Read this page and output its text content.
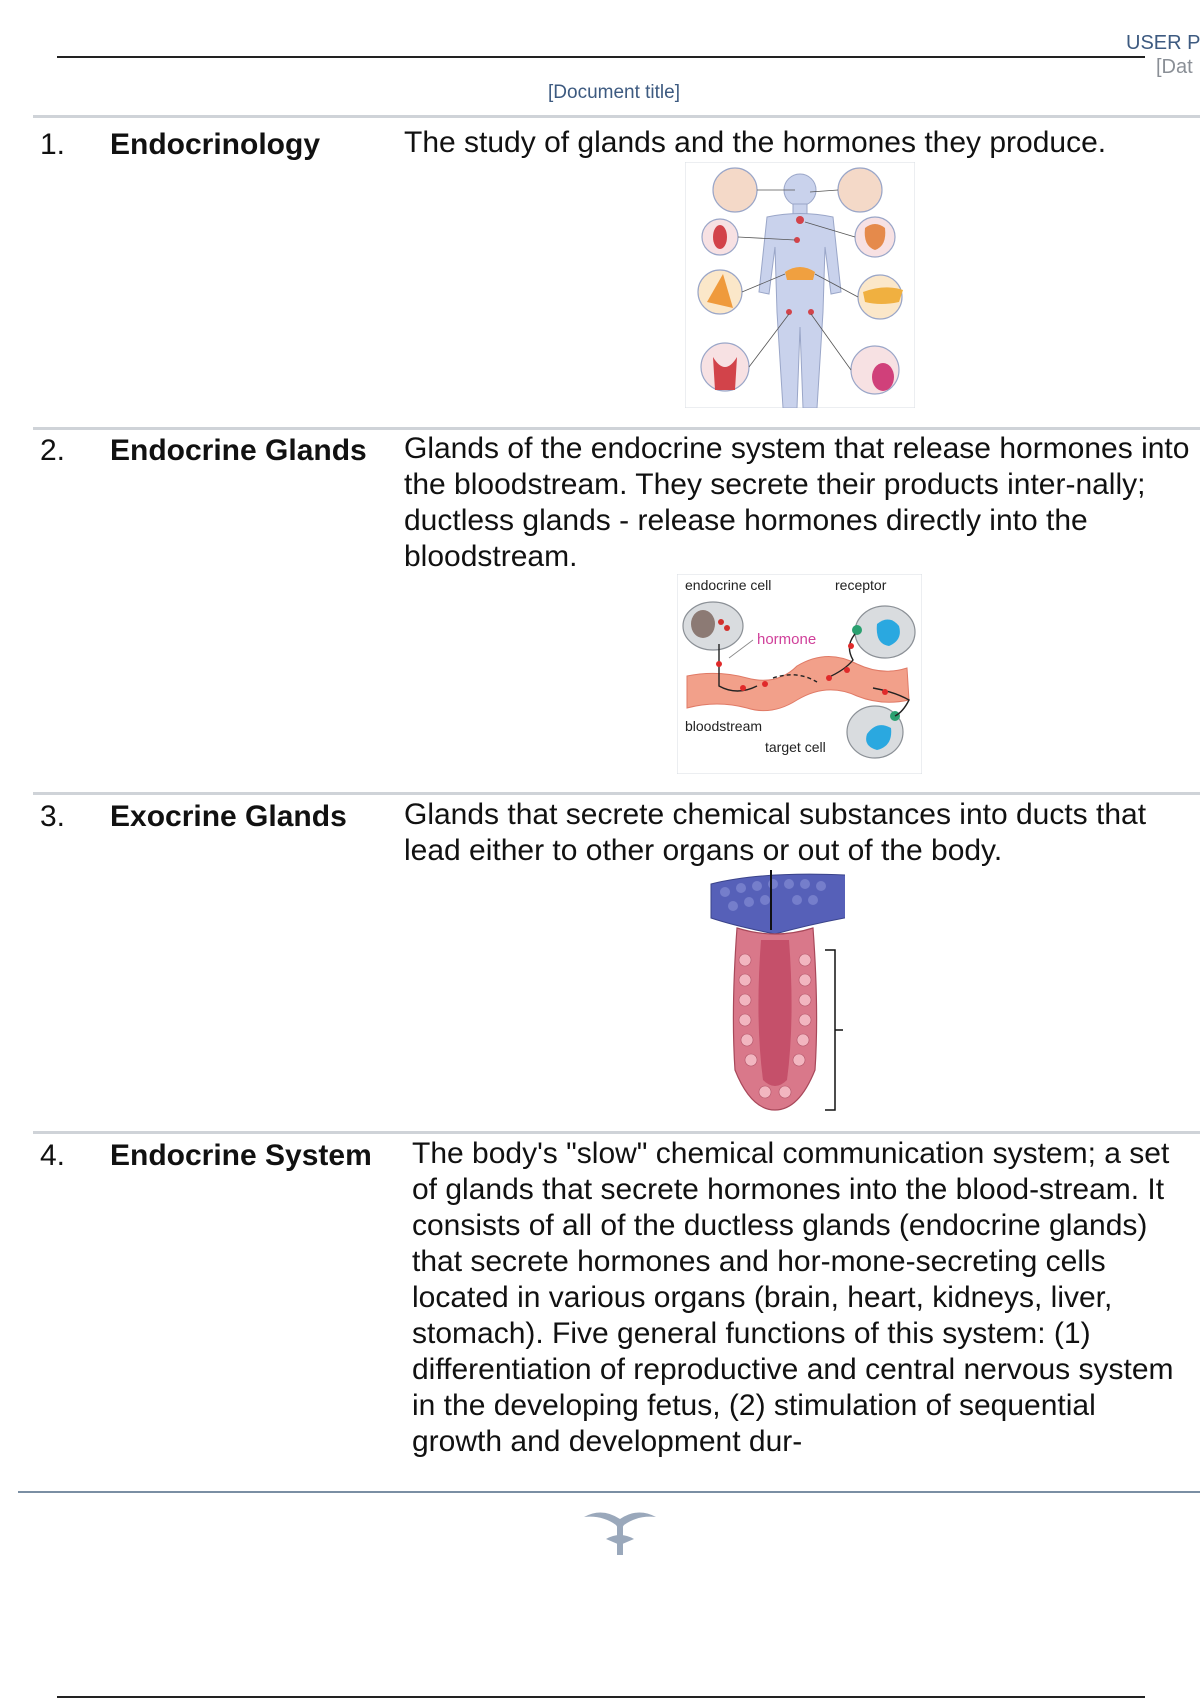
USER P
[Dat
[Document title]
1. Endocrinology	The study of glands and the hormones they produce.
2. Endocrine Glands Glands of the endocrine system that release hormones into the bloodstream. They secrete their products inter-nally; ductless glands - release hormones directly into the bloodstream.
endocrine cell	receptor
hormone
bloodstream
target cell
3. Exocrine Glands Glands that secrete chemical substances into ducts that lead either to other organs or out of the body.
4. Endocrine System The body's "slow" chemical communication system; a set of glands that secrete hormones into the blood-stream. It consists of all of the ductless glands (endocrine glands) that secrete hormones and hor-mone-secreting cells located in various organs (brain, heart, kidneys, liver, stomach). Five general functions of this system: (1) differentiation of reproductive and central nervous system in the developing fetus, (2) stimulation of sequential growth and development dur-
